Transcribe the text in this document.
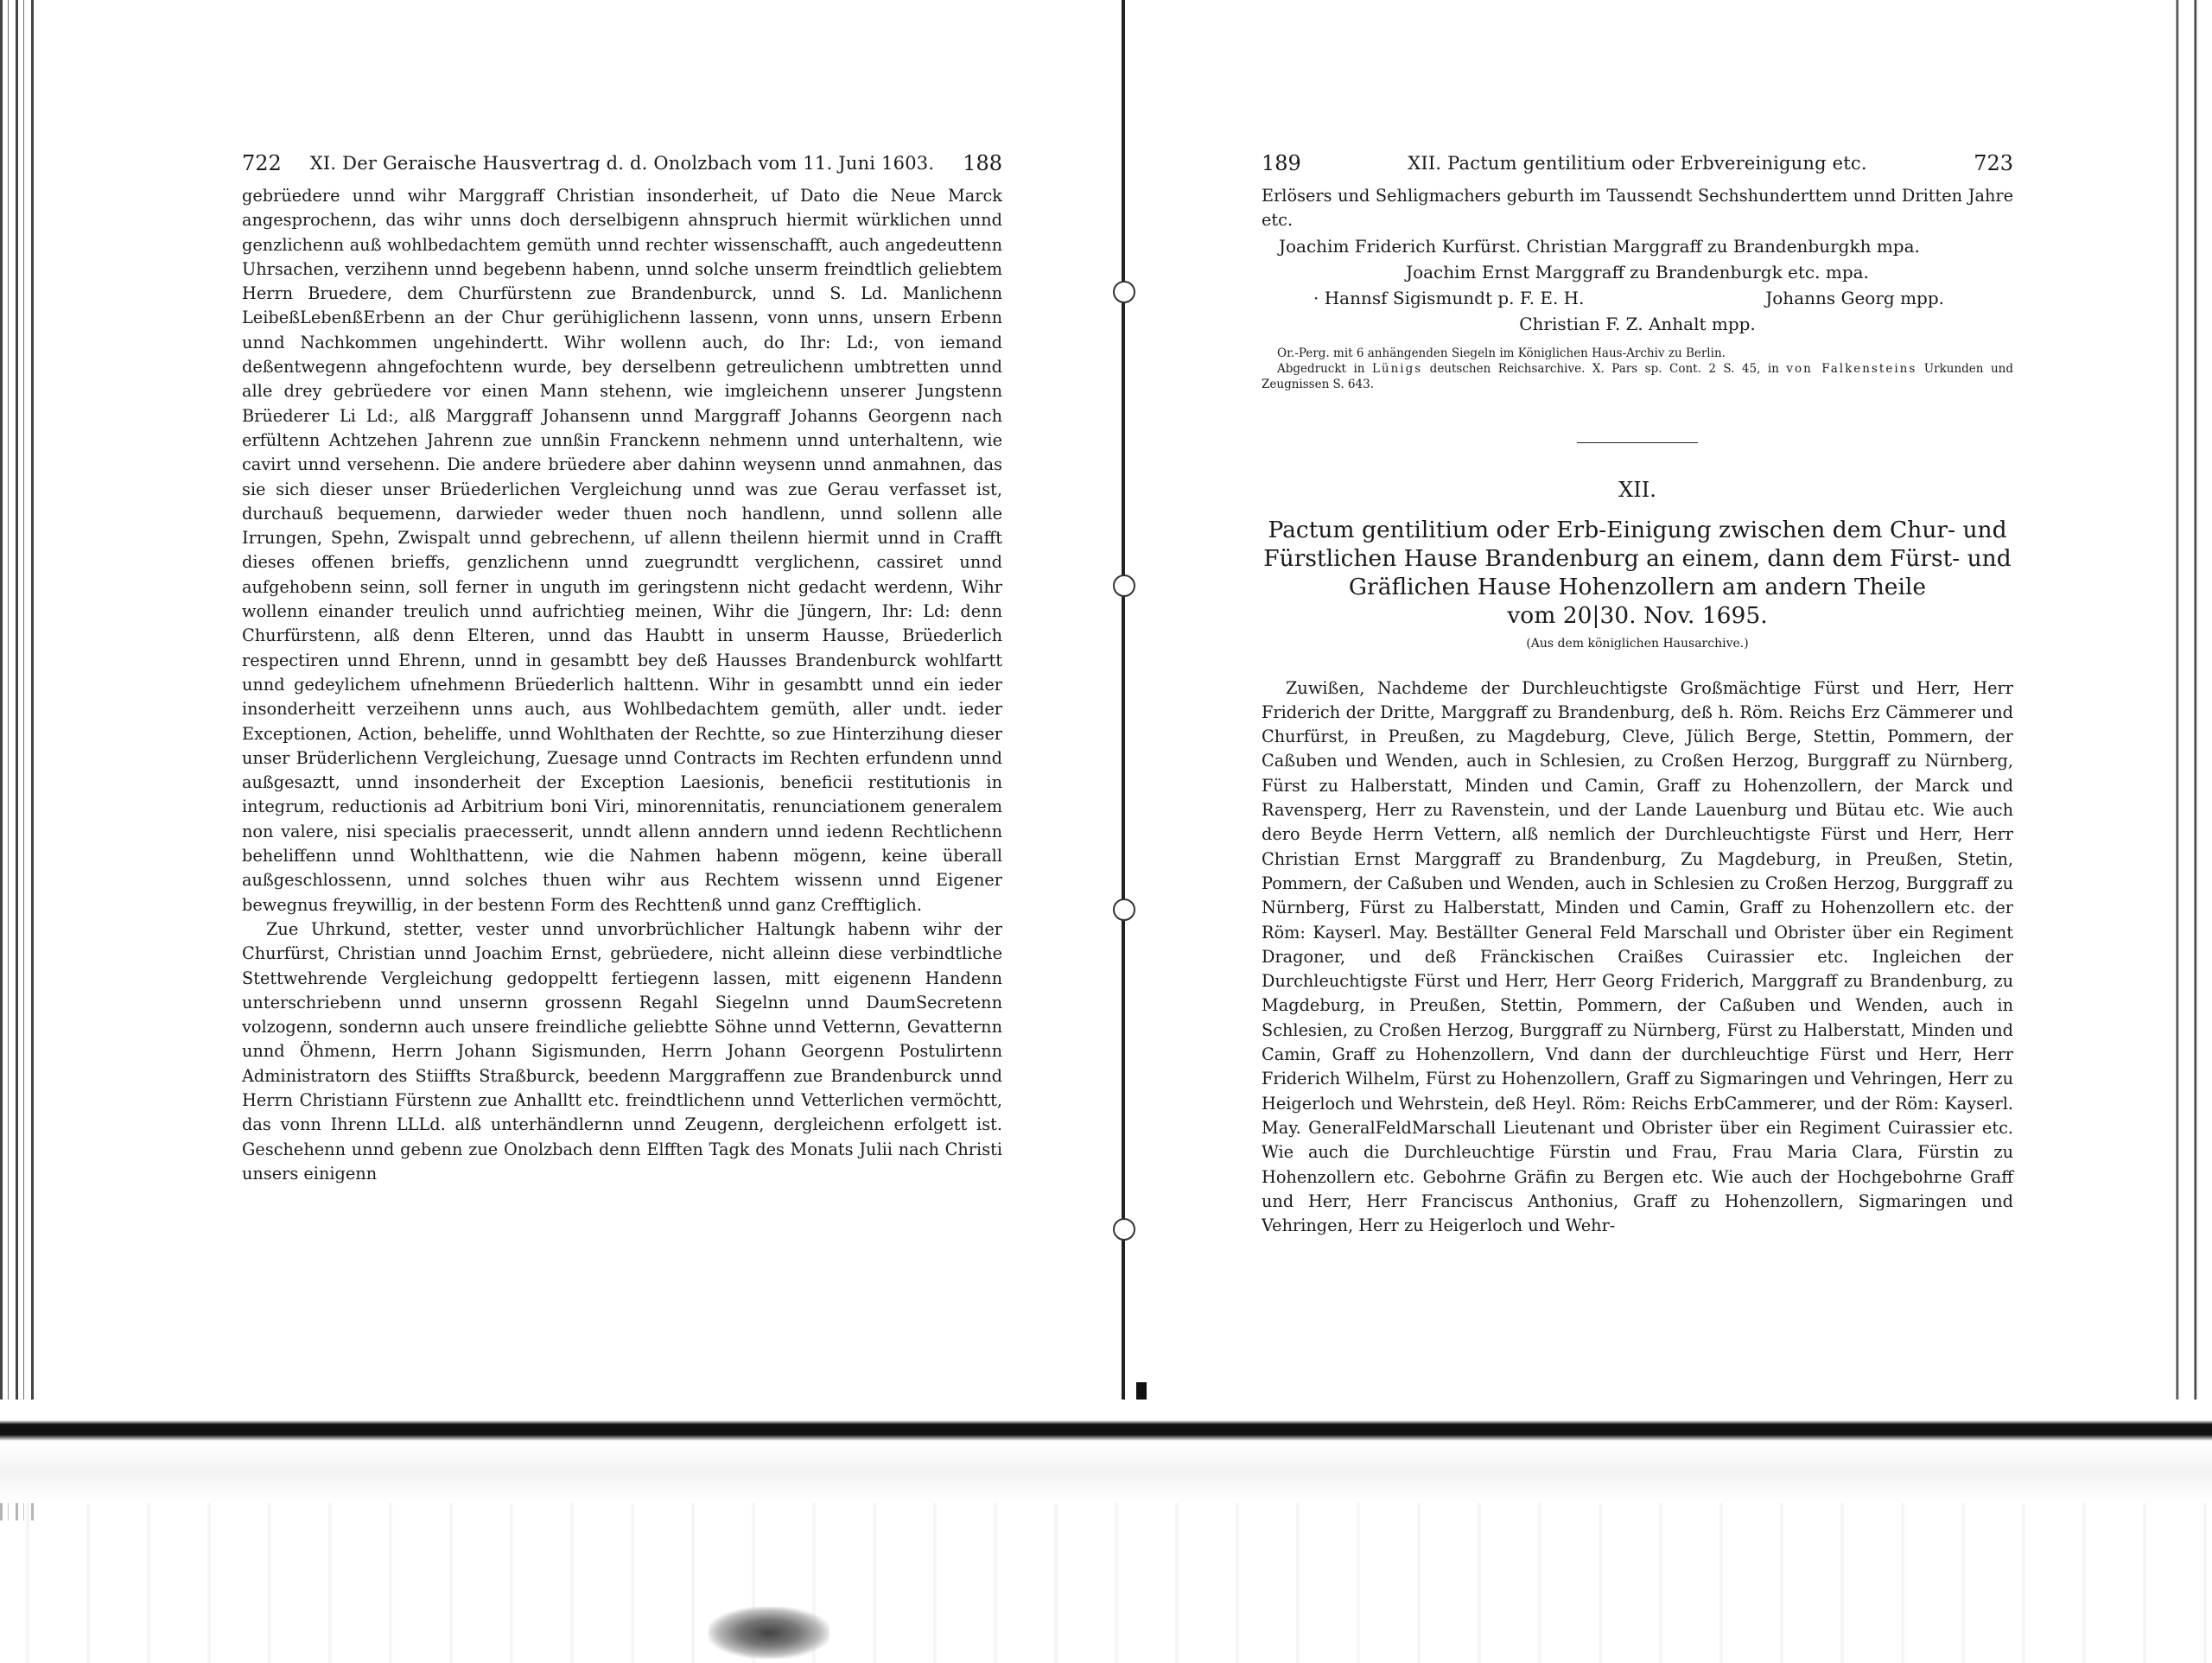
722	XI. Der Geraische Hausvertrag d. d. Onolzbach vom 11. Juni 1603.	188

gebrüedere unnd wihr Marggraff Christian insonderheit, uf Dato die Neue Marck angesprochenn, das wihr unns doch derselbigenn ahnspruch hiermit würklichen unnd genzlichenn auß wohlbedachtem gemüth unnd rechter wissenschafft, auch angedeuttenn Uhrsachen, verzihenn unnd begebenn habenn, unnd solche unserm freindtlich geliebtem Herrn Bruedere, dem Churfürstenn zue Brandenburck, unnd S. Ld. Manlichenn LeibeßLebenßErbenn an der Chur gerühiglichenn lassenn, vonn unns, unsern Erbenn unnd Nachkommen ungehindertt. Wihr wollenn auch, do Ihr: Ld:, von iemand deßentwegenn ahngefochtenn wurde, bey derselbenn getreulichenn umbtretten unnd alle drey gebrüedere vor einen Mann stehenn, wie imgleichenn unserer Jungstenn Brüederer Li Ld:, alß Marggraff Johansenn unnd Marggraff Johanns Georgenn nach erfültenn Achtzehen Jahrenn zue unnßin Franckenn nehmenn unnd unterhaltenn, wie cavirt unnd versehenn. Die andere brüedere aber dahinn weysenn unnd anmahnen, das sie sich dieser unser Brüederlichen Vergleichung unnd was zue Gerau verfasset ist, durchauß bequemenn, darwieder weder thuen noch handlenn, unnd sollenn alle Irrungen, Spehn, Zwispalt unnd gebrechenn, uf allenn theilenn hiermit unnd in Crafft dieses offenen brieffs, genzlichenn unnd zuegrundtt verglichenn, cassiret unnd aufgehobenn seinn, soll ferner in unguth im geringstenn nicht gedacht werdenn, Wihr wollenn einander treulich unnd aufrichtieg meinen, Wihr die Jüngern, Ihr: Ld: denn Churfürstenn, alß denn Elteren, unnd das Haubtt in unserm Hausse, Brüederlich respectiren unnd Ehrenn, unnd in gesambtt bey deß Hausses Brandenburck wohlfartt unnd gedeylichem ufnehmenn Brüederlich halttenn. Wihr in gesambtt unnd ein ieder insonderheitt verzeihenn unns auch, aus Wohlbedachtem gemüth, aller undt. ieder Exceptionen, Action, beheliffe, unnd Wohlthaten der Rechtte, so zue Hinterzihung dieser unser Brüderlichenn Vergleichung, Zuesage unnd Contracts im Rechten erfundenn unnd außgesaztt, unnd insonderheit der Exception Laesionis, beneficii restitutionis in integrum, reductionis ad Arbitrium boni Viri, minorennitatis, renunciationem generalem non valere, nisi specialis praecesserit, unndt allenn anndern unnd iedenn Rechtlichenn beheliffenn unnd Wohlthattenn, wie die Nahmen habenn mögenn, keine überall außgeschlossenn, unnd solches thuen wihr aus Rechtem wissenn unnd Eigener bewegnus freywillig, in der bestenn Form des Rechttenß unnd ganz Crefftiglich.

Zue Uhrkund, stetter, vester unnd unvorbrüchlicher Haltungk habenn wihr der Churfürst, Christian unnd Joachim Ernst, gebrüedere, nicht alleinn diese verbindtliche Stettwehrende Vergleichung gedoppeltt fertiegenn lassen, mitt eigenenn Handenn unterschriebenn unnd unsernn grossenn Regahl Siegelnn unnd DaumSecretenn volzogenn, sondernn auch unsere freindliche geliebtte Söhne unnd Vetternn, Gevatternn unnd Öhmenn, Herrn Johann Sigismunden, Herrn Johann Georgenn Postulirtenn Administratorn des Stiiffts Straßburck, beedenn Marggraffenn zue Brandenburck unnd Herrn Christiann Fürstenn zue Anhalltt etc. freindtlichenn unnd Vetterlichen vermöchtt, das vonn Ihrenn LLLd. alß unterhändlernn unnd Zeugenn, dergleichenn erfolgett ist. Geschehenn unnd gebenn zue Onolzbach denn Elfften Tagk des Monats Julii nach Christi unsers einigenn

189	XII. Pactum gentilitium oder Erbvereinigung etc.	723

Erlösers und Sehligmachers geburth im Taussendt Sechshunderttem unnd Dritten Jahre etc.

Joachim Friderich Kurfürst. Christian Marggraff zu Brandenburgkh mpa.

Joachim Ernst Marggraff zu Brandenburgk etc. mpa.

· Hannsf Sigismundt p. F. E. H.	Johanns Georg mpp.

Christian F. Z. Anhalt mpp.

Or.-Perg. mit 6 anhängenden Siegeln im Königlichen Haus-Archiv zu Berlin.

Abgedruckt in Lünigs deutschen Reichsarchive. X. Pars sp. Cont. 2 S. 45, in von Falkensteins Urkunden und Zeugnissen S. 643.

XII.

Pactum gentilitium oder Erb-Einigung zwischen dem Chur- und

Fürstlichen Hause Brandenburg an einem, dann dem Fürst- und

Gräflichen Hause Hohenzollern am andern Theile

vom 20|30. Nov. 1695.

(Aus dem königlichen Hausarchive.)

Zuwißen, Nachdeme der Durchleuchtigste Großmächtige Fürst und Herr, Herr Friderich der Dritte, Marggraff zu Brandenburg, deß h. Röm. Reichs Erz Cämmerer und Churfürst, in Preußen, zu Magdeburg, Cleve, Jülich Berge, Stettin, Pommern, der Caßuben und Wenden, auch in Schlesien, zu Croßen Herzog, Burggraff zu Nürnberg, Fürst zu Halberstatt, Minden und Camin, Graff zu Hohenzollern, der Marck und Ravensperg, Herr zu Ravenstein, und der Lande Lauenburg und Bütau etc. Wie auch dero Beyde Herrn Vettern, alß nemlich der Durchleuchtigste Fürst und Herr, Herr Christian Ernst Marggraff zu Brandenburg, Zu Magdeburg, in Preußen, Stetin, Pommern, der Caßuben und Wenden, auch in Schlesien zu Croßen Herzog, Burggraff zu Nürnberg, Fürst zu Halberstatt, Minden und Camin, Graff zu Hohenzollern etc. der Röm: Kayserl. May. Beställter General Feld Marschall und Obrister über ein Regiment Dragoner, und deß Fränckischen Craißes Cuirassier etc. Ingleichen der Durchleuchtigste Fürst und Herr, Herr Georg Friderich, Marggraff zu Brandenburg, zu Magdeburg, in Preußen, Stettin, Pommern, der Caßuben und Wenden, auch in Schlesien, zu Croßen Herzog, Burggraff zu Nürnberg, Fürst zu Halberstatt, Minden und Camin, Graff zu Hohenzollern, Vnd dann der durchleuchtige Fürst und Herr, Herr Friderich Wilhelm, Fürst zu Hohenzollern, Graff zu Sigmaringen und Vehringen, Herr zu Heigerloch und Wehrstein, deß Heyl. Röm: Reichs ErbCammerer, und der Röm: Kayserl. May. GeneralFeldMarschall Lieutenant und Obrister über ein Regiment Cuirassier etc. Wie auch die Durchleuchtige Fürstin und Frau, Frau Maria Clara, Fürstin zu Hohenzollern etc. Gebohrne Gräfin zu Bergen etc. Wie auch der Hochgebohrne Graff und Herr, Herr Franciscus Anthonius, Graff zu Hohenzollern, Sigmaringen und Vehringen, Herr zu Heigerloch und Wehr-
